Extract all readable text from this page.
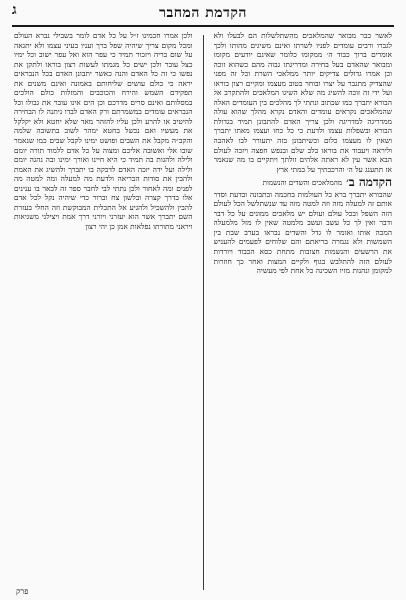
הקדמת המחבר
ג

ולכן אמרו חכמינו ז״ל על כל אדם לומר בשבילי נברא העולם ומכל מקום צריך שיהיה שפל ברך ועניו בעיני עצמו ולא יתגאה על שום בריה ויזכור תמיד כי עפר הוא ואל עפר ישוב וכל ימיו כצל עובר ולכן ישים כל מגמתו לעשות רצון בוראו ולתקן את נפשו כי זה כל האדם והנה כאשר יתבונן האדם בכל הנבראים יראה כי כולם עושים שליחותם באמונה ואינם משנים את תפקידם השמש והירח והכוכבים והמזלות כולם הולכים במסלותם ואינם סרים מדרכם וכן הים אינו עובר את גבולו וכל הנבראים עומדים במשמרתם ורק האדם לבדו ניתנה לו הבחירה להיטיב או להרע ולכן עליו להזהר מאד שלא יחטא ולא יקלקל את מעשיו ואם נכשל בחטא ימהר לשוב בתשובה שלמה והקב״ה מקבל את השבים ופושט ימינו לקבל שבים כמו שנאמר שובו אלי ואשובה אליכם ומצוה על כל אדם ללמוד תורה יומם ולילה ולהגות בה תמיד כי היא חיינו ואורך ימינו ובה נהגה יומם ולילה ועל ידה יזכה האדם לדבקה בו יתברך ולהשיג את האמת ולהבין את סודות הבריאה ולדעת מה למעלה ומה למטה מה לפנים ומה לאחור ולכן נתתי לבי לחבר ספר זה לבאר בו ענינים אלו בדרך קצרה ובלשון צח וברור כדי שיהיה נקל לכל אדם להבין ולהשכיל ולהגיע אל התכלית המבוקשת וזה החלי בעזרת השם יתברך אשר הוא יעזרני ויורני דרך אמת ויצילני משגיאות ויראני מתורתו נפלאות אמן כן יהי רצון

לאשר כבר מבואר שהמלאכים מהשתלשלות הם לבעלו ולא לגברו ורבים עומדים לפניו לשרתו ואינם משיגים מהותו ולכך אומרים ברוך כבוד ה׳ ממקומו כלומר שאינם יודעים מקומו ומבואר שהאדם בעל בחירה ומדריגתו גבוה מהם כשהוא זוכה וכן אמרו גדולים צדיקים יותר ממלאכי השרת וכל זה מפני שהצדיק מתגבר על יצרו ובוחר בטוב מעצמו ומקיים רצון בוראו ועל ידי זה זוכה להשיג מה שלא השיגו המלאכים ולהתקרב אל הבורא יתברך כמו שכתוב ונתתי לך מהלכים בין העומדים האלה שהמלאכים נקראים עומדים והאדם נקרא מהלך שהוא עולה ממדריגה למדריגה ולכן צריך האדם להתבונן תמיד בגדולת הבורא ובשפלות עצמו ולדעת כי כל כחו ועצמו מאתו יתברך ושאין לו מעצמו כלום וכשיתבונן בזה יתעורר לבו לאהבה וליראה ויעבוד את בוראו בלב שלם ובנפש חפצה ויזכה לעולם הבא אשר עין לא ראתה אלהים זולתך ויתקיים בו מה שנאמר אז תתענג על ה׳ והרכבתיך על במתי ארץ

הקדמה ב׳
מהמלאכים והשדים והנשמות

שהבורא יתברך ברא כל העולמות בחכמה ובתבונה ובדעת וסדר אותם זה למעלה מזה וזה למטה מזה עד שנשתלשל הכל לעולם הזה השפל ובכל עולם ועולם יש מלאכים ממונים על כל דבר ודבר ואין לך כל עשב ועשב מלמטה שאין לו מזל מלמעלה המכה אותו ואומר לו גדל והשדים נבראו בערב שבת בין השמשות ולא נגמרה בריאתם והם שלוחים לפעמים להעניש את הרשעים והנשמות חצובות מתחת כסא הכבוד ויורדות לעולם הזה להתלבש בגוף ולקיים המצות ואחר כך חוזרות למקומן ונהנות מזיו השכינה כל אחת לפי מעשיה

פרק
